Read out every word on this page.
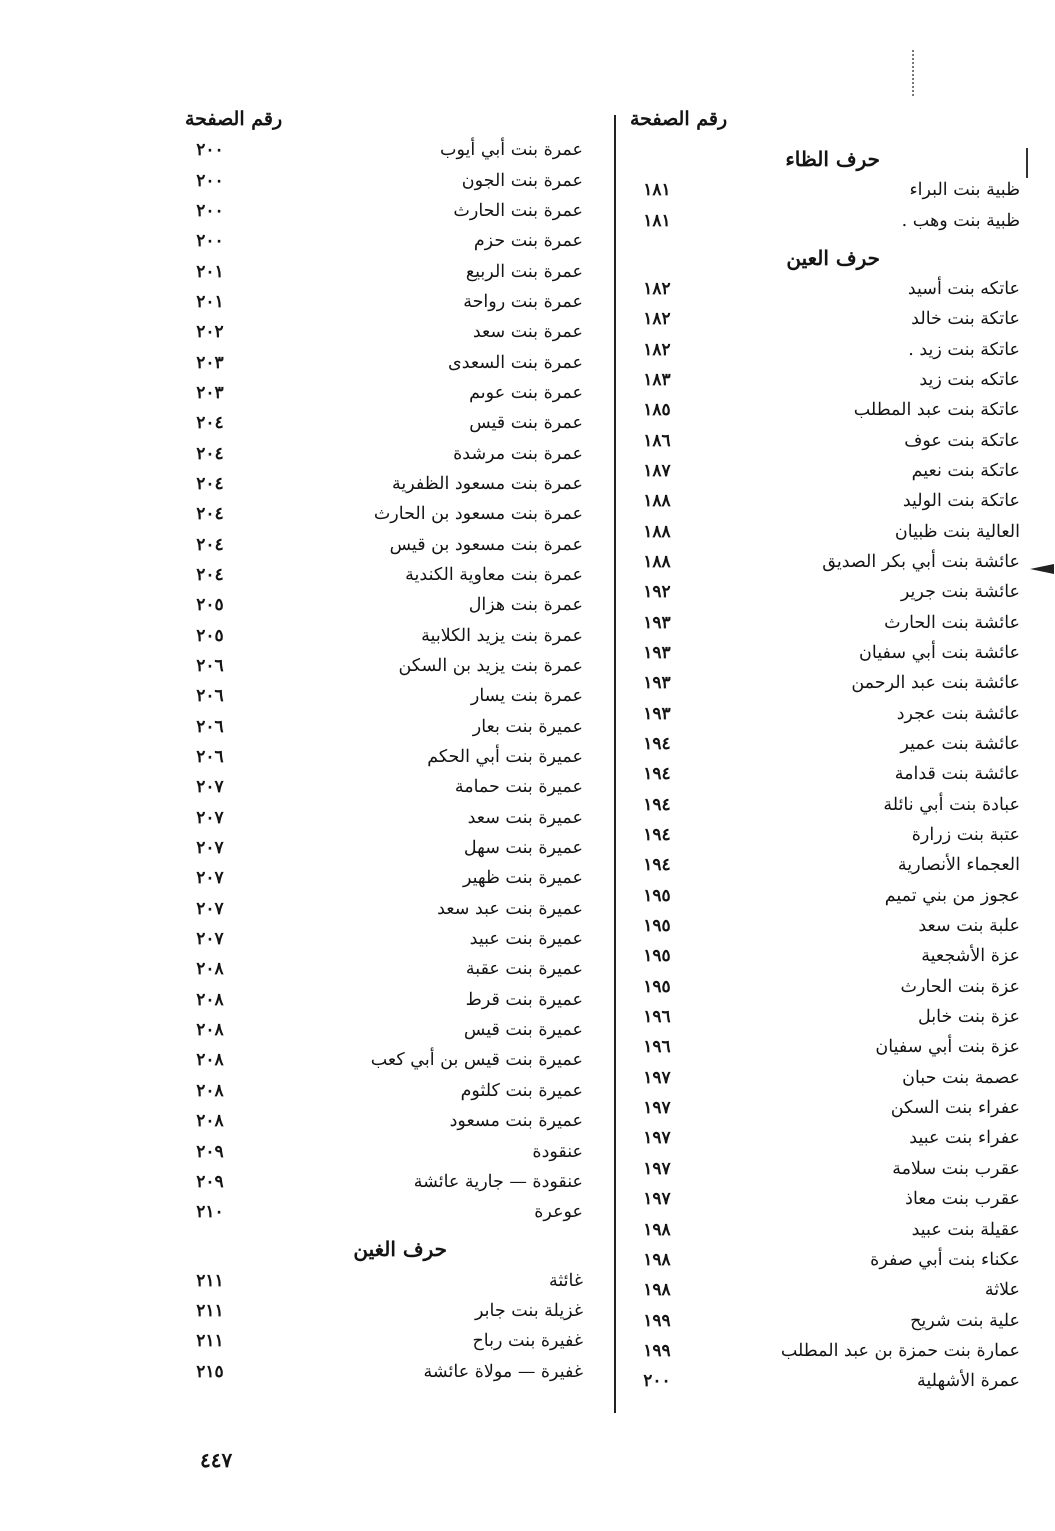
رقم الصفحة
رقم الصفحة
حرف الظاء
ظبية بنت البراء
١٨١
ظبية بنت وهب .
١٨١
حرف العين
عاتكه بنت أسيد
١٨٢
عاتكة بنت خالد
١٨٢
عاتكة بنت زيد .
١٨٢
عاتكه بنت زيد
١٨٣
عاتكة بنت عبد المطلب
١٨٥
عاتكة بنت عوف
١٨٦
عاتكة بنت نعيم
١٨٧
عاتكة بنت الوليد
١٨٨
العالية بنت ظبيان
١٨٨
عائشة بنت أبي بكر الصديق
١٨٨
عائشة بنت جرير
١٩٢
عائشة بنت الحارث
١٩٣
عائشة بنت أبي سفيان
١٩٣
عائشة بنت عبد الرحمن
١٩٣
عائشة بنت عجرد
١٩٣
عائشة بنت عمير
١٩٤
عائشة بنت قدامة
١٩٤
عبادة بنت أبي نائلة
١٩٤
عتبة بنت زرارة
١٩٤
العجماء الأنصارية
١٩٤
عجوز من بني تميم
١٩٥
علبة بنت سعد
١٩٥
عزة الأشجعية
١٩٥
عزة بنت الحارث
١٩٥
عزة بنت خابل
١٩٦
عزة بنت أبي سفيان
١٩٦
عصمة بنت حبان
١٩٧
عفراء بنت السكن
١٩٧
عفراء بنت عبيد
١٩٧
عقرب بنت سلامة
١٩٧
عقرب بنت معاذ
١٩٧
عقيلة بنت عبيد
١٩٨
عكناء بنت أبي صفرة
١٩٨
علاثة
١٩٨
علية بنت شريح
١٩٩
عمارة بنت حمزة بن عبد المطلب
١٩٩
عمرة الأشهلية
٢٠٠
عمرة بنت أبي أيوب
٢٠٠
عمرة بنت الجون
٢٠٠
عمرة بنت الحارث
٢٠٠
عمرة بنت حزم
٢٠٠
عمرة بنت الربيع
٢٠١
عمرة بنت رواحة
٢٠١
عمرة بنت سعد
٢٠٢
عمرة بنت السعدى
٢٠٣
عمرة بنت عوىم
٢٠٣
عمرة بنت قيس
٢٠٤
عمرة بنت مرشدة
٢٠٤
عمرة بنت مسعود الظفرية
٢٠٤
عمرة بنت مسعود بن الحارث
٢٠٤
عمرة بنت مسعود بن قيس
٢٠٤
عمرة بنت معاوية الكندية
٢٠٤
عمرة بنت هزال
٢٠٥
عمرة بنت يزيد الكلابية
٢٠٥
عمرة بنت يزيد بن السكن
٢٠٦
عمرة بنت يسار
٢٠٦
عميرة بنت بعار
٢٠٦
عميرة بنت أبي الحكم
٢٠٦
عميرة بنت حمامة
٢٠٧
عميرة بنت سعد
٢٠٧
عميرة بنت سهل
٢٠٧
عميرة بنت ظهير
٢٠٧
عميرة بنت عبد سعد
٢٠٧
عميرة بنت عبيد
٢٠٧
عميرة بنت عقبة
٢٠٨
عميرة بنت قرط
٢٠٨
عميرة بنت قيس
٢٠٨
عميرة بنت قيس بن أبي كعب
٢٠٨
عميرة بنت كلثوم
٢٠٨
عميرة بنت مسعود
٢٠٨
عنقودة
٢٠٩
عنقودة — جارية عائشة
٢٠٩
عوعرة
٢١٠
حرف الغين
غائثة
٢١١
غزيلة بنت جابر
٢١١
غفيرة بنت رباح
٢١١
غفيرة — مولاة عائشة
٢١٥
٤٤٧
